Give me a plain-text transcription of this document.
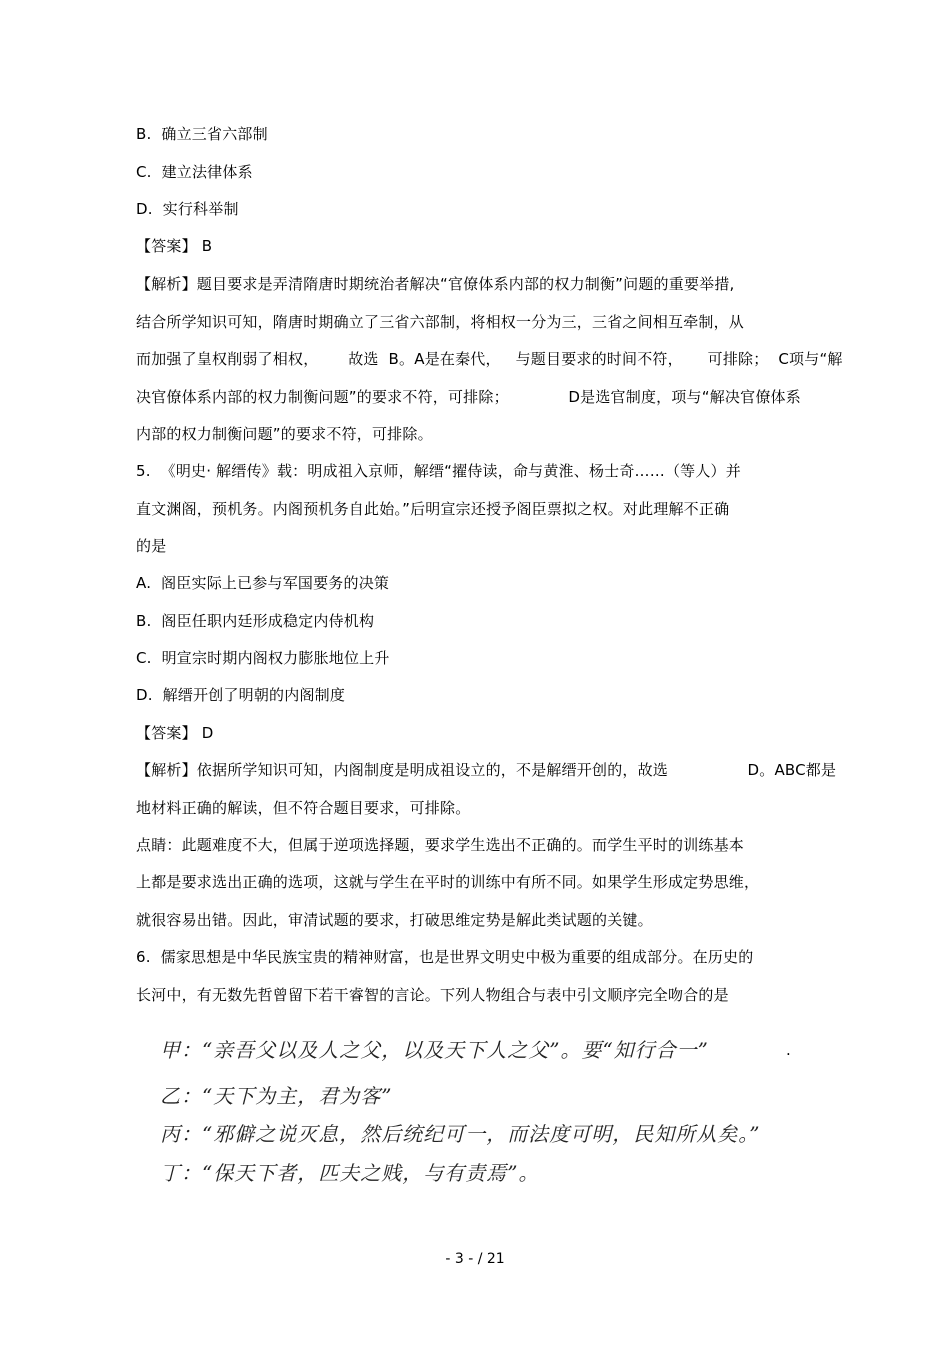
B.  确立三省六部制
C.  建立法律体系
D.  实行科举制
【答案】 B
【解析】题目要求是弄清隋唐时期统治者解决“官僚体系内部的权力制衡”问题的重要举措,
结合所学知识可知，隋唐时期确立了三省六部制，将相权一分为三，三省之间相互牵制，从
而加强了皇权削弱了相权，      故选  B。A是在秦代，   与题目要求的时间不符，     可排除；  C项与“解
决官僚体系内部的权力制衡问题”的要求不符，可排除；            D是选官制度，项与“解决官僚体系
内部的权力制衡问题”的要求不符，可排除。
5.  《明史· 解缙传》载：明成祖入京师，解缙“擢侍读，命与黄淮、杨士奇……（等人）并
直文渊阁，预机务。内阁预机务自此始。”后明宣宗还授予阁臣票拟之权。对此理解不正确
的是
A.  阁臣实际上已参与军国要务的决策
B.  阁臣任职内廷形成稳定内侍机构
C.  明宣宗时期内阁权力膨胀地位上升
D.  解缙开创了明朝的内阁制度
【答案】 D
【解析】依据所学知识可知，内阁制度是明成祖设立的，不是解缙开创的，故选                D。ABC都是
地材料正确的解读，但不符合题目要求，可排除。
点睛：此题难度不大，但属于逆项选择题，要求学生选出不正确的。而学生平时的训练基本
上都是要求选出正确的选项，这就与学生在平时的训练中有所不同。如果学生形成定势思维，
就很容易出错。因此，审清试题的要求，打破思维定势是解此类试题的关键。
6.  儒家思想是中华民族宝贵的精神财富，也是世界文明史中极为重要的组成部分。在历史的
长河中，有无数先哲曾留下若干睿智的言论。下列人物组合与表中引文顺序完全吻合的是
甲：“亲吾父以及人之父，以及天下人之父”。要“知行合一”	.
乙：“天下为主，君为客”
丙：“邪僻之说灭息，然后统纪可一，而法度可明，民知所从矣。”
丁：“保天下者，匹夫之贱，与有责焉”。
- 3 - / 21
